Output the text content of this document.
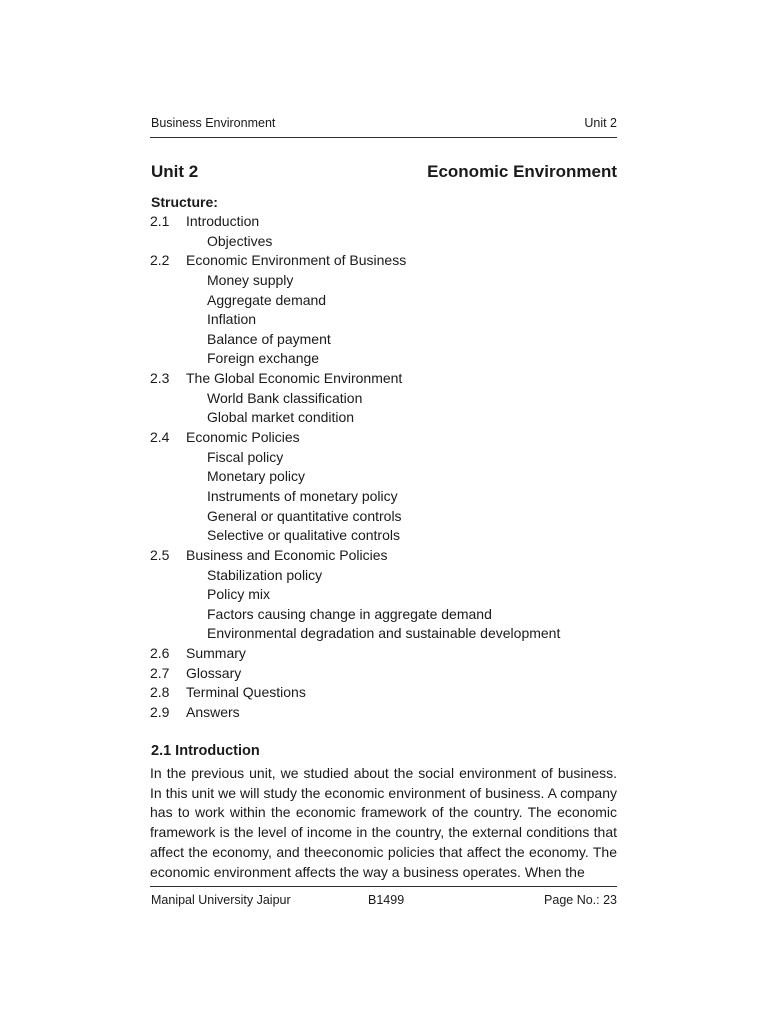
Business Environment	Unit 2
Unit 2	Economic Environment
Structure:
2.1 Introduction
Objectives
2.2 Economic Environment of Business
Money supply
Aggregate demand
Inflation
Balance of payment
Foreign exchange
2.3 The Global Economic Environment
World Bank classification
Global market condition
2.4 Economic Policies
Fiscal policy
Monetary policy
Instruments of monetary policy
General or quantitative controls
Selective or qualitative controls
2.5 Business and Economic Policies
Stabilization policy
Policy mix
Factors causing change in aggregate demand
Environmental degradation and sustainable development
2.6 Summary
2.7 Glossary
2.8 Terminal Questions
2.9 Answers
2.1 Introduction

In the previous unit, we studied about the social environment of business. In this unit we will study the economic environment of business. A company has to work within the economic framework of the country. The economic framework is the level of income in the country, the external conditions that affect the economy, and theeconomic policies that affect the economy. The economic environment affects the way a business operates. When the

Manipal University Jaipur	B1499	Page No.: 23
